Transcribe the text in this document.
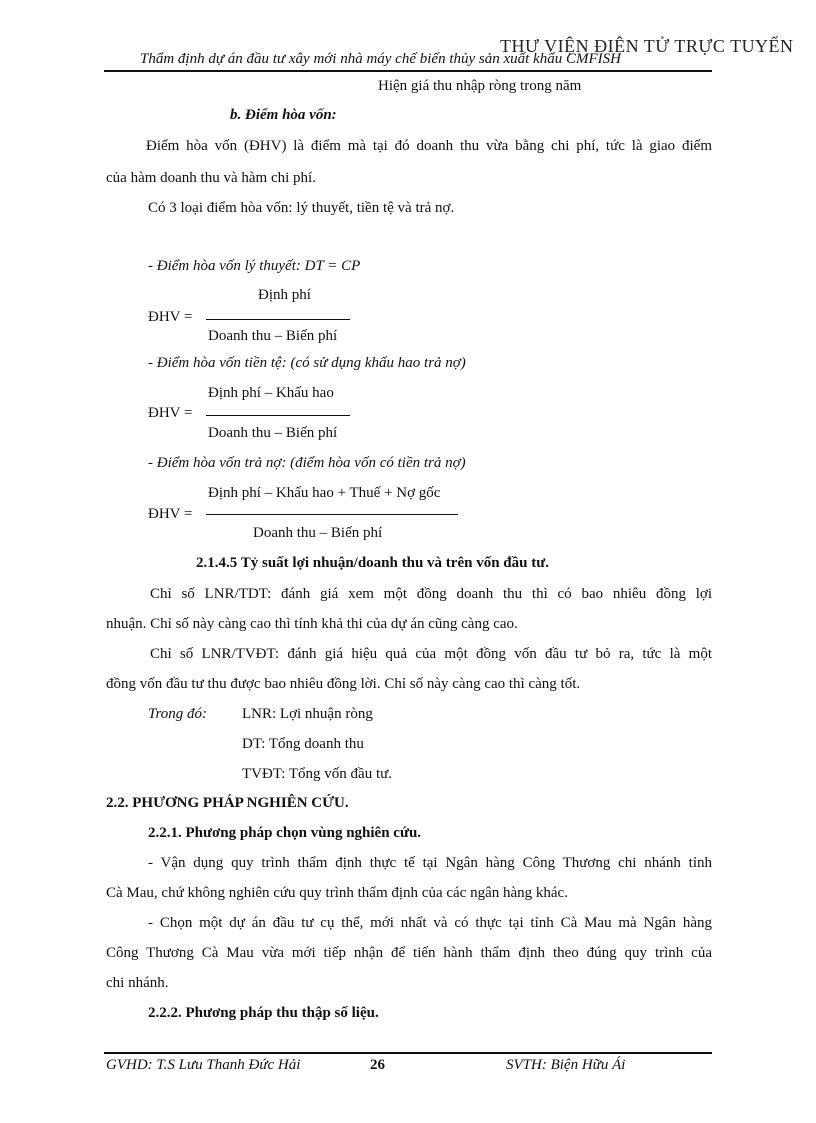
Thẩm định dự án đầu tư xây mới nhà máy chế biến thủy sản xuất khẩu CMFISH
THƯ VIỆN ĐIỆN TỬ TRỰC TUYẾN
Hiện giá thu nhập ròng trong năm
b. Điểm hòa vốn:
Điểm hòa vốn (ĐHV) là điểm mà tại đó doanh thu vừa bằng chi phí, tức là giao điểm
của hàm doanh thu và hàm chi phí.
Có 3 loại điểm hòa vốn: lý thuyết, tiền tệ và trả nợ.
- Điểm hòa vốn lý thuyết: DT = CP
Định phí
ĐHV =
Doanh thu – Biến phí
- Điểm hòa vốn tiền tệ: (có sử dụng khấu hao trả nợ)
Định phí – Khấu hao
ĐHV =
Doanh thu – Biến phí
- Điểm hòa vốn trả nợ: (điểm hòa vốn có tiền trả nợ)
Định phí – Khấu hao + Thuế + Nợ gốc
ĐHV =
Doanh thu – Biến phí
2.1.4.5 Tỷ suất lợi nhuận/doanh thu và trên vốn đầu tư.
Chỉ số LNR/TDT: đánh giá xem một đồng doanh thu thì có bao nhiêu đồng lợi
nhuận. Chỉ số này càng cao thì tính khả thi của dự án cũng càng cao.
Chỉ số LNR/TVĐT: đánh giá hiệu quả của một đồng vốn đầu tư bỏ ra, tức là một
đồng vốn đầu tư thu được bao nhiêu đồng lời. Chỉ số này càng cao thì càng tốt.
Trong đó: LNR: Lợi nhuận ròng
DT: Tổng doanh thu
TVĐT: Tổng vốn đầu tư.
2.2. PHƯƠNG PHÁP NGHIÊN CỨU.
2.2.1. Phương pháp chọn vùng nghiên cứu.
- Vận dụng quy trình thẩm định thực tế tại Ngân hàng Công Thương chi nhánh tỉnh
Cà Mau, chứ không nghiên cứu quy trình thẩm định của các ngân hàng khác.
- Chọn một dự án đầu tư cụ thể, mới nhất và có thực tại tỉnh Cà Mau mà Ngân hàng
Công Thương Cà Mau vừa mới tiếp nhận để tiến hành thẩm định theo đúng quy trình của
chi nhánh.
2.2.2. Phương pháp thu thập số liệu.
GVHD: T.S Lưu Thanh Đức Hải	26	SVTH: Biện Hữu Ái
